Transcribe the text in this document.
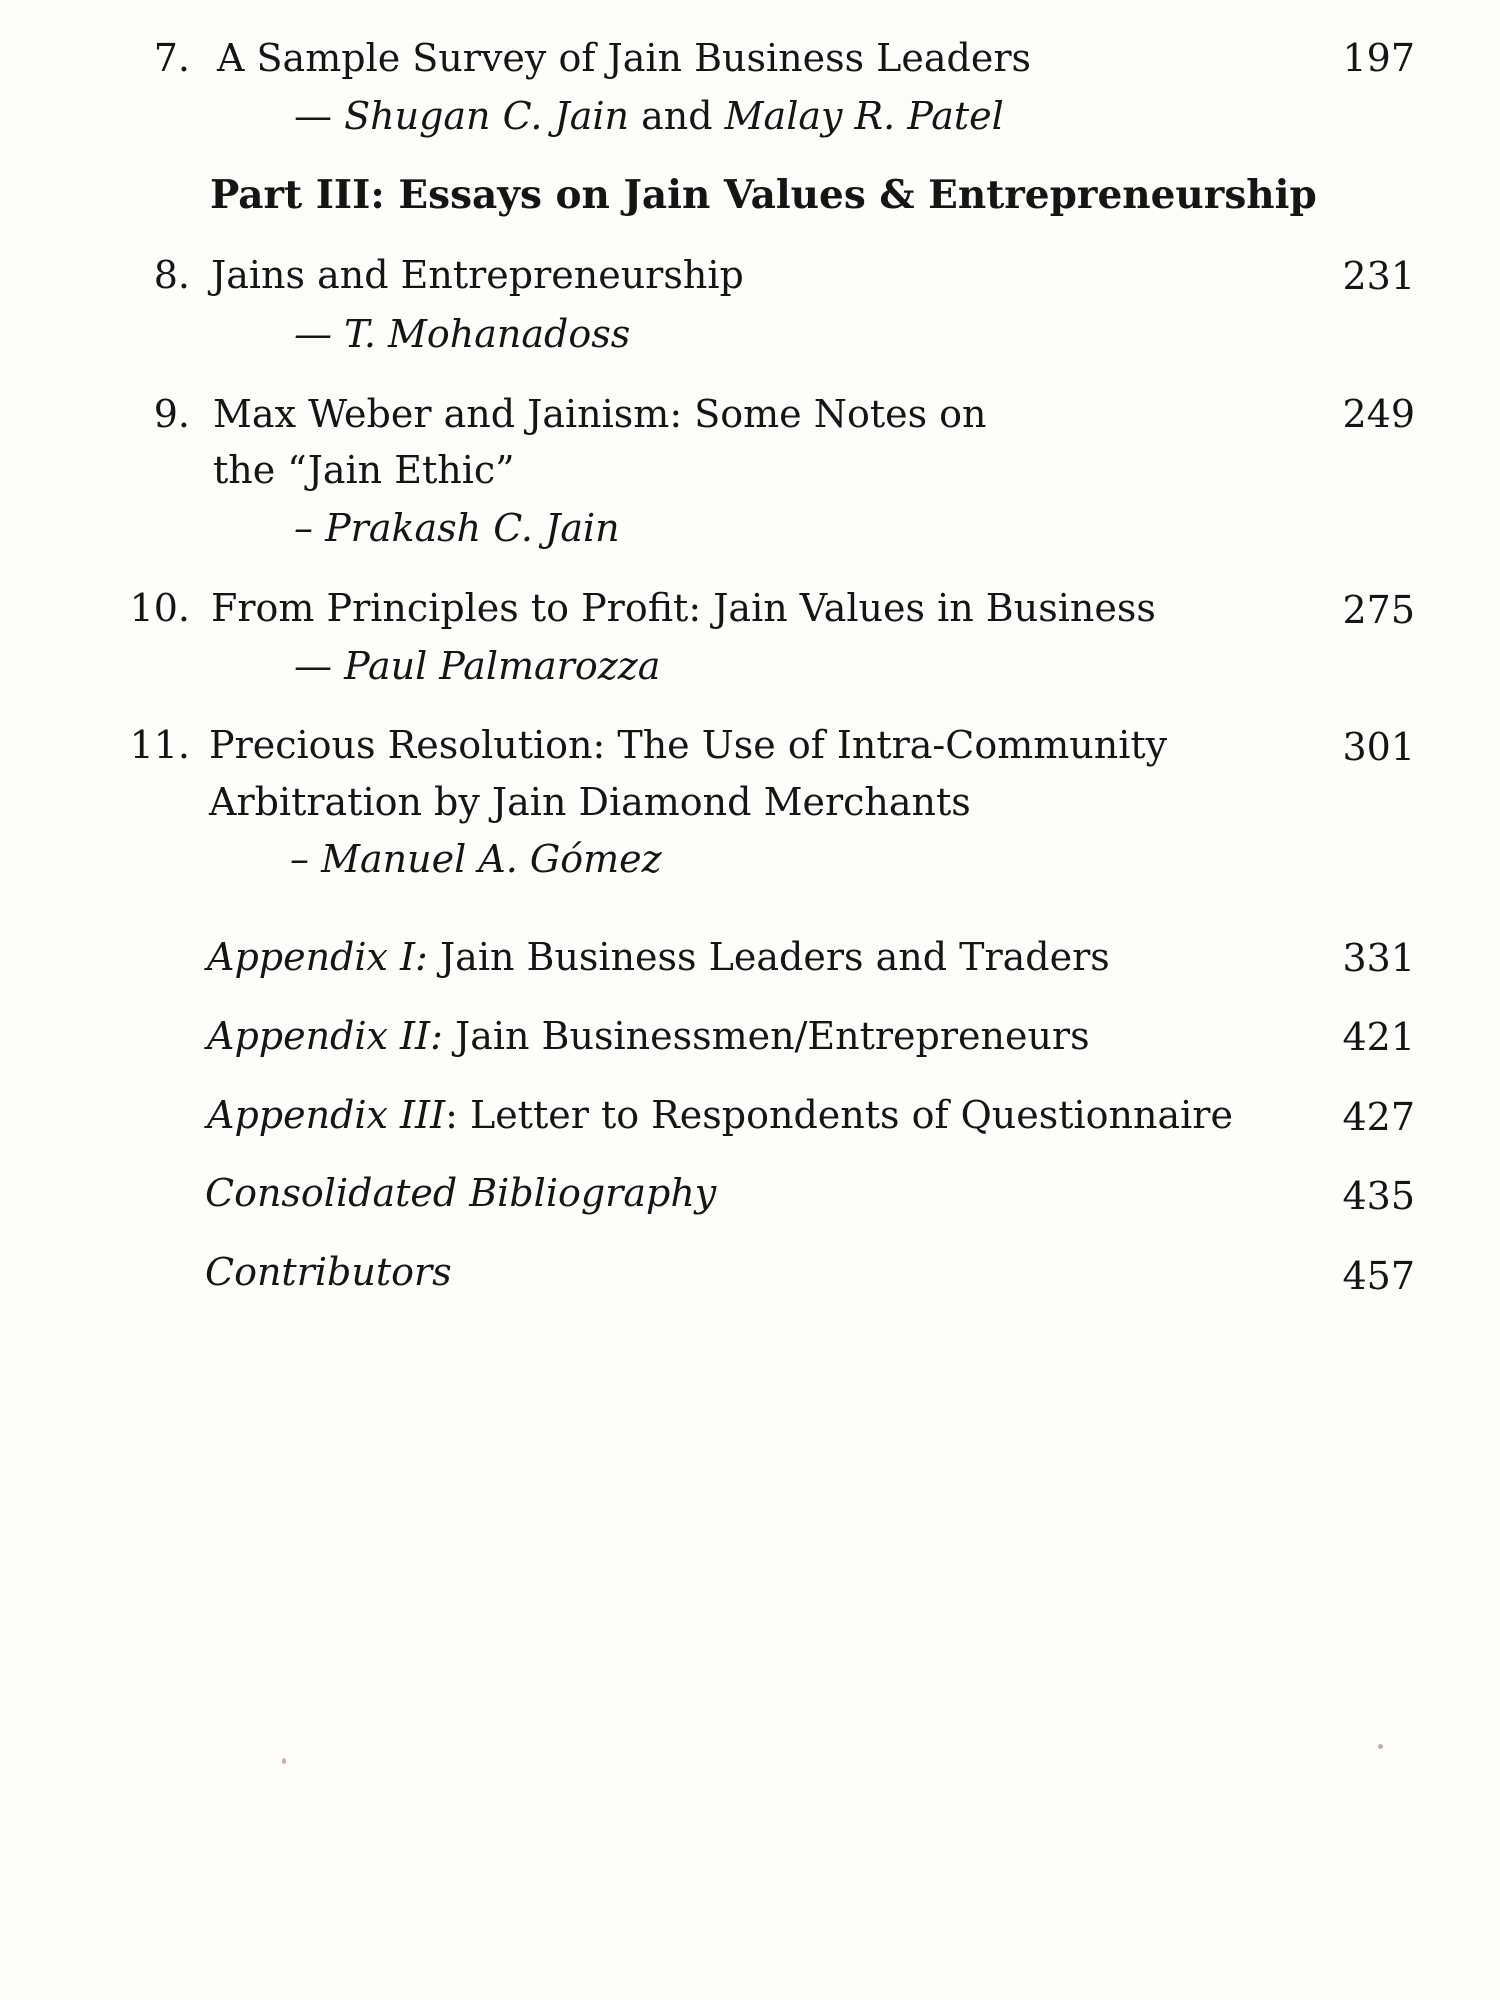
7. A Sample Survey of Jain Business Leaders	197
— Shugan C. Jain and Malay R. Patel
Part III: Essays on Jain Values & Entrepreneurship
8. Jains and Entrepreneurship	231
— T. Mohanadoss
9. Max Weber and Jainism: Some Notes on	249
the “Jain Ethic”
– Prakash C. Jain
10. From Principles to Profit: Jain Values in Business	275
— Paul Palmarozza
11. Precious Resolution: The Use of Intra-Community	301
Arbitration by Jain Diamond Merchants
– Manuel A. Gómez
Appendix I: Jain Business Leaders and Traders	331
Appendix II: Jain Businessmen/Entrepreneurs	421
Appendix III: Letter to Respondents of Questionnaire	427
Consolidated Bibliography	435
Contributors	457
